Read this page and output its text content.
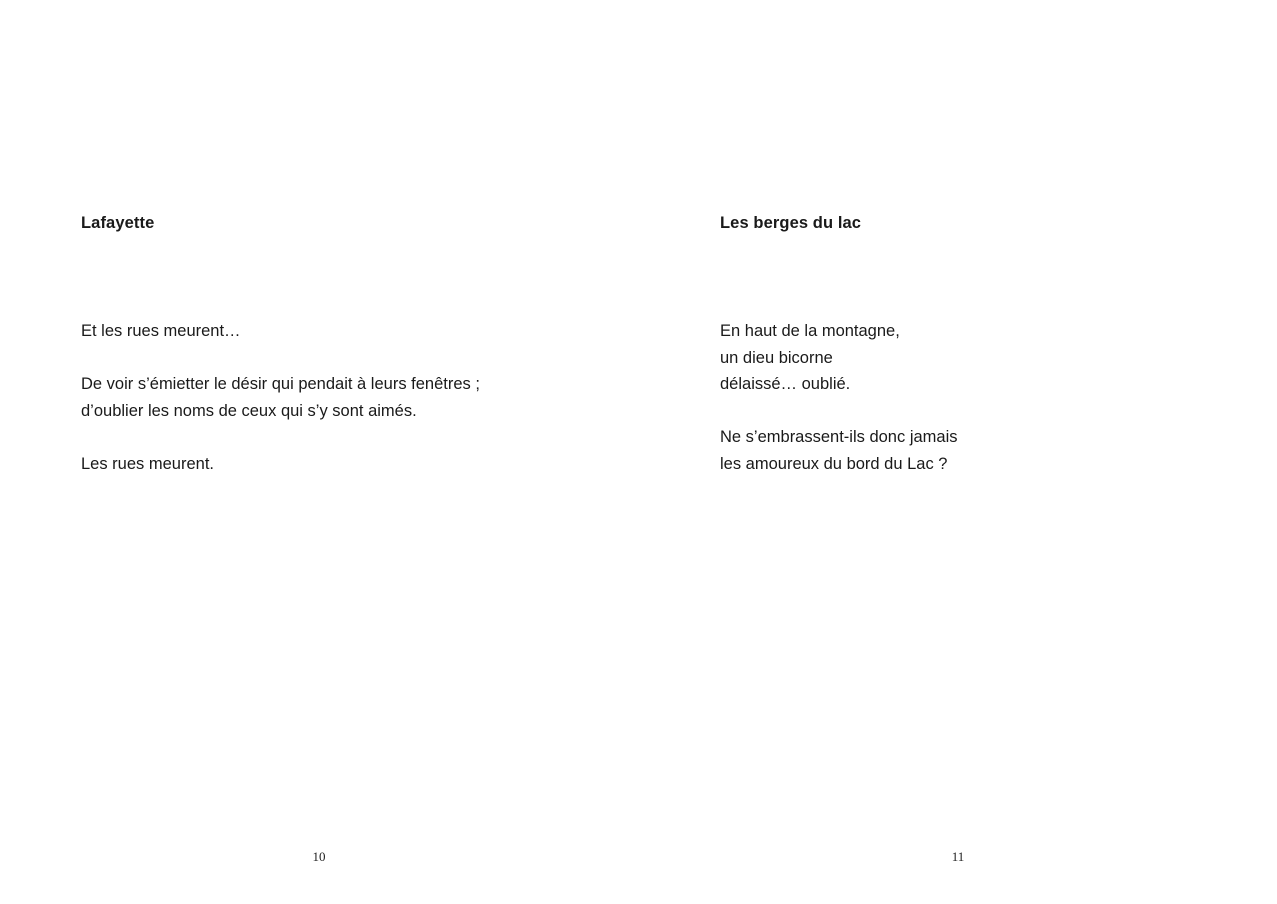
Lafayette

Et les rues meurent…

De voir s’émietter le désir qui pendait à leurs fenêtres ;
d’oublier les noms de ceux qui s’y sont aimés.

Les rues meurent.

10
Les berges du lac

En haut de la montagne,
un dieu bicorne
délaissé… oublié.

Ne s’embrassent-ils donc jamais
les amoureux du bord du Lac ?

11
